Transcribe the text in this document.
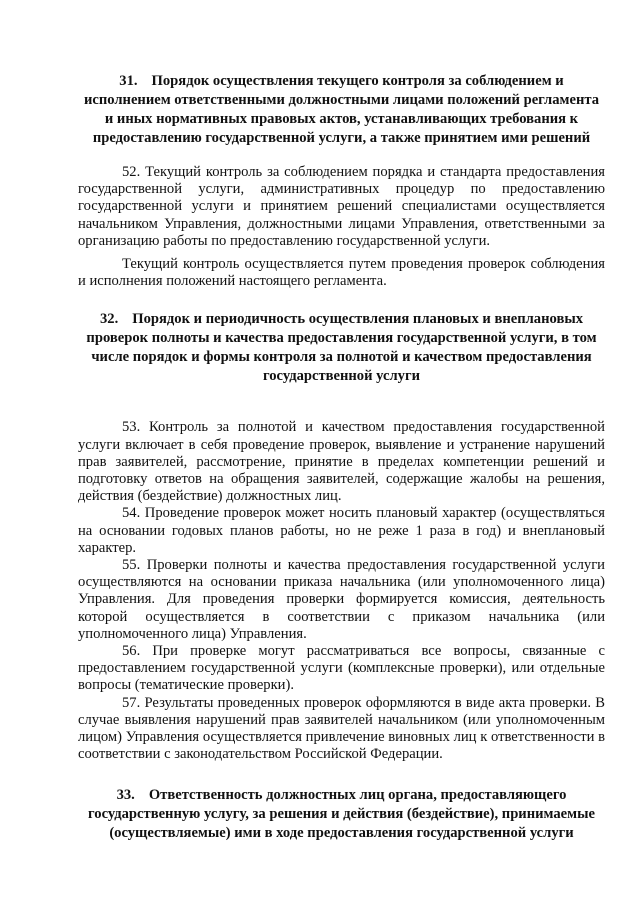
31. Порядок осуществления текущего контроля за соблюдением и исполнением ответственными должностными лицами положений регламента и иных нормативных правовых актов, устанавливающих требования к предоставлению государственной услуги, а также принятием ими решений

52. Текущий контроль за соблюдением порядка и стандарта предоставления государственной услуги, административных процедур по предоставлению государственной услуги и принятием решений специалистами осуществляется начальником Управления, должностными лицами Управления, ответственными за организацию работы по предоставлению государственной услуги.

Текущий контроль осуществляется путем проведения проверок соблюдения и исполнения положений настоящего регламента.

32. Порядок и периодичность осуществления плановых и внеплановых проверок полноты и качества предоставления государственной услуги, в том числе порядок и формы контроля за полнотой и качеством предоставления государственной услуги

53. Контроль за полнотой и качеством предоставления государственной услуги включает в себя проведение проверок, выявление и устранение нарушений прав заявителей, рассмотрение, принятие в пределах компетенции решений и подготовку ответов на обращения заявителей, содержащие жалобы на решения, действия (бездействие) должностных лиц.

54. Проведение проверок может носить плановый характер (осуществляться на основании годовых планов работы, но не реже 1 раза в год) и внеплановый характер.

55. Проверки полноты и качества предоставления государственной услуги осуществляются на основании приказа начальника (или уполномоченного лица) Управления. Для проведения проверки формируется комиссия, деятельность которой осуществляется в соответствии с приказом начальника (или уполномоченного лица) Управления.

56. При проверке могут рассматриваться все вопросы, связанные с предоставлением государственной услуги (комплексные проверки), или отдельные вопросы (тематические проверки).

57. Результаты проведенных проверок оформляются в виде акта проверки. В случае выявления нарушений прав заявителей начальником (или уполномоченным лицом) Управления осуществляется привлечение виновных лиц к ответственности в соответствии с законодательством Российской Федерации.

33. Ответственность должностных лиц органа, предоставляющего государственную услугу, за решения и действия (бездействие), принимаемые (осуществляемые) ими в ходе предоставления государственной услуги
